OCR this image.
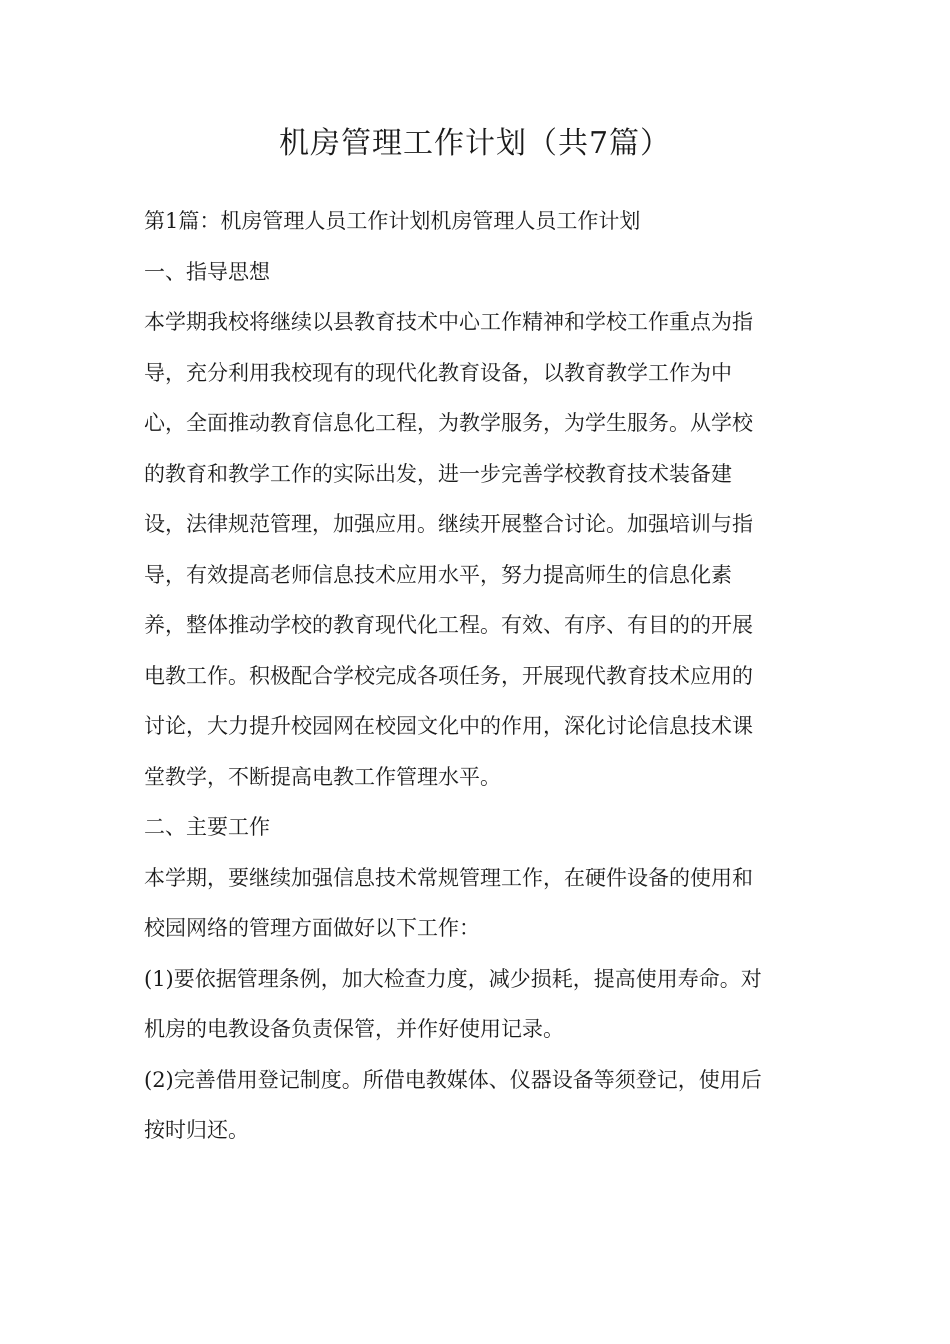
机房管理工作计划（共7篇）

第1篇：机房管理人员工作计划机房管理人员工作计划

一、指导思想

本学期我校将继续以县教育技术中心工作精神和学校工作重点为指
导，充分利用我校现有的现代化教育设备，以教育教学工作为中
心，全面推动教育信息化工程，为教学服务，为学生服务。从学校
的教育和教学工作的实际出发，进一步完善学校教育技术装备建
设，法律规范管理，加强应用。继续开展整合讨论。加强培训与指
导，有效提高老师信息技术应用水平，努力提高师生的信息化素
养，整体推动学校的教育现代化工程。有效、有序、有目的的开展
电教工作。积极配合学校完成各项任务，开展现代教育技术应用的
讨论，大力提升校园网在校园文化中的作用，深化讨论信息技术课
堂教学，不断提高电教工作管理水平。

二、主要工作

本学期，要继续加强信息技术常规管理工作，在硬件设备的使用和
校园网络的管理方面做好以下工作：

(1)要依据管理条例，加大检查力度，减少损耗，提高使用寿命。对
机房的电教设备负责保管，并作好使用记录。

(2)完善借用登记制度。所借电教媒体、仪器设备等须登记，使用后
按时归还。
